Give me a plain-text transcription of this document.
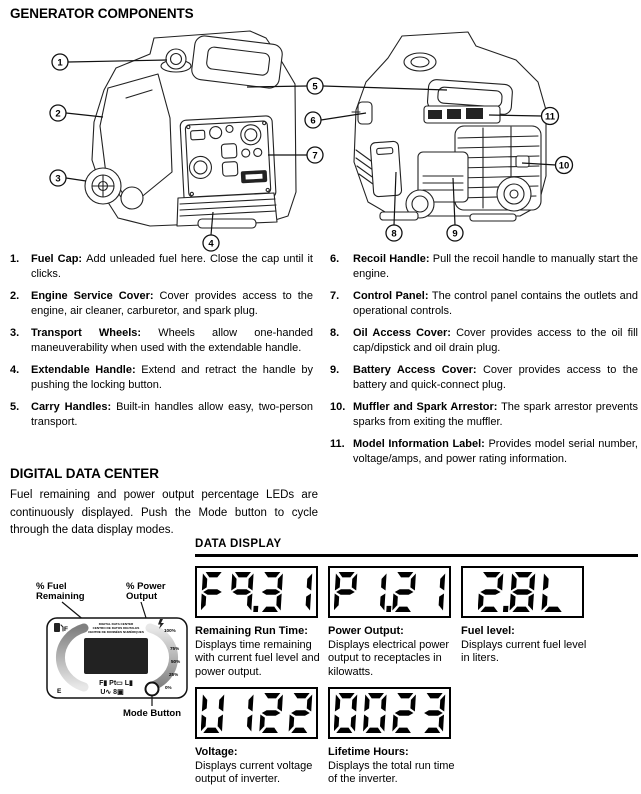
GENERATOR COMPONENTS
1
2
3
4
5
6
7
8	9
10
11
1.	Fuel Cap: Add unleaded fuel here. Close the cap until it clicks.
2.	Engine Service Cover: Cover provides access to the engine, air cleaner, carburetor, and spark plug.
3.	Transport Wheels: Wheels allow one-handed maneuverability when used with the extendable handle.
4.	Extendable Handle: Extend and retract the handle by pushing the locking button.
5.	Carry Handles: Built-in handles allow easy, two-person transport.
6.	Recoil Handle: Pull the recoil handle to manually start the engine.
7.	Control Panel: The control panel contains the outlets and operational controls.
8.	Oil Access Cover: Cover provides access to the oil fill cap/dipstick and oil drain plug.
9.	Battery Access Cover: Cover provides access to the battery and quick-connect plug.
10. Muffler and Spark Arrestor: The spark arrestor prevents sparks from exiting the muffler.
11. Model Information Label: Provides model serial number, voltage/amps, and power rating information.
DIGITAL DATA CENTER
Fuel remaining and power output percentage LEDs are continuously displayed. Push the Mode button to cycle through the data display modes.
% Fuel
Remaining
% Power
Output
F
E
100%
75%
50%
25%
0%
DIGITAL DATA CENTER
CENTRO DE DATOS DIGITALES
CENTRE DE DONNÉES NUMÉRIQUES
F▮ Pt▭ L▮
U∿ 8▣
Mode Button
DATA DISPLAY
Remaining Run Time:
Displays time remaining with current fuel level and power output.
Power Output:
Displays electrical power output to receptacles in kilowatts.
Fuel level:
Displays current fuel level in liters.
Voltage:
Displays current voltage output of inverter.
Lifetime Hours:
Displays the total run time of the inverter.
